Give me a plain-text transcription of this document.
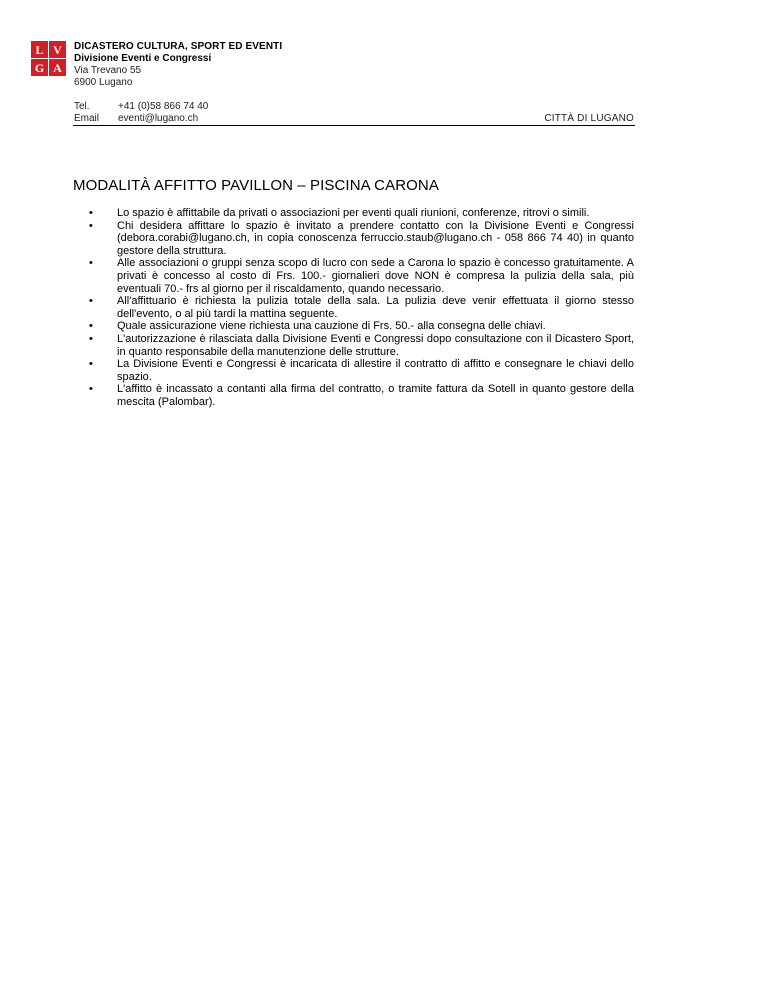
L V
G A
DICASTERO CULTURA, SPORT ED EVENTI
Divisione Eventi e Congressi
Via Trevano 55
6900 Lugano
Tel.	+41 (0)58 866 74 40
Email	eventi@lugano.ch	CITTÀ DI LUGANO
MODALITÀ AFFITTO PAVILLON – PISCINA CARONA
• Lo spazio è affittabile da privati o associazioni per eventi quali riunioni, conferenze, ritrovi o simili.
• Chi desidera affittare lo spazio è invitato a prendere contatto con la Divisione Eventi e Congressi (debora.corabi@lugano.ch, in copia conoscenza ferruccio.staub@lugano.ch - 058 866 74 40) in quanto gestore della struttura.
• Alle associazioni o gruppi senza scopo di lucro con sede a Carona lo spazio è concesso gratuitamente. A privati è concesso al costo di Frs. 100.- giornalieri dove NON è compresa la pulizia della sala, più eventuali 70.- frs al giorno per il riscaldamento, quando necessario.
• All'affittuario è richiesta la pulizia totale della sala. La pulizia deve venir effettuata il giorno stesso dell'evento, o al più tardi la mattina seguente.
• Quale assicurazione viene richiesta una cauzione di Frs. 50.- alla consegna delle chiavi.
• L'autorizzazione è rilasciata dalla Divisione Eventi e Congressi dopo consultazione con il Dicastero Sport, in quanto responsabile della manutenzione delle strutture.
• La Divisione Eventi e Congressi è incaricata di allestire il contratto di affitto e consegnare le chiavi dello spazio.
• L'affitto è incassato a contanti alla firma del contratto, o tramite fattura da Sotell in quanto gestore della mescita (Palombar).
